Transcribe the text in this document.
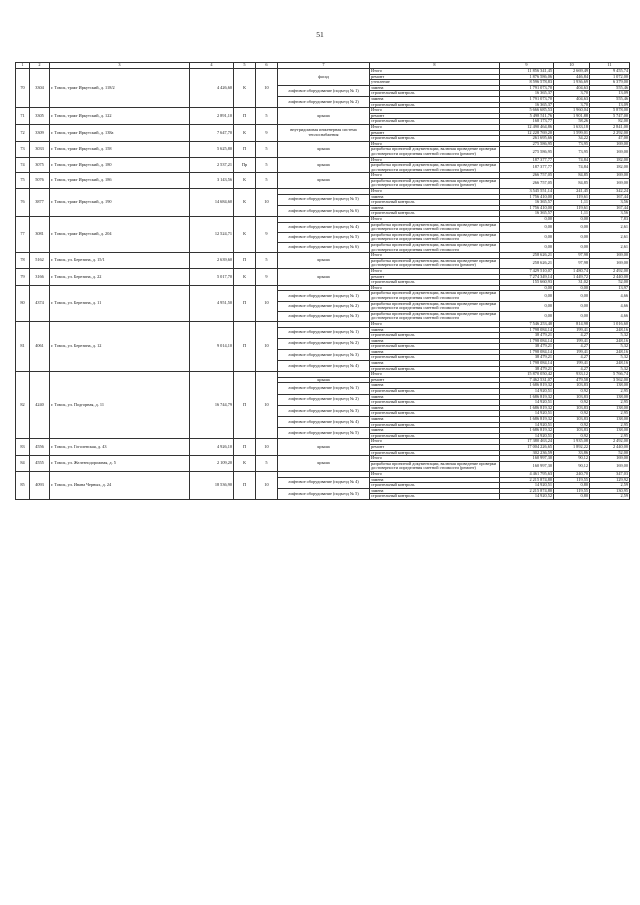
51
1	2	3	4	5	6	7	8	9	10	11
70	3304	г. Томск, тракт Иркутский, д. 118/2	4 426,60	К	10	фасад	Итого	11 856 341,45	2 669,49	9 455,74
							ремонт	1 876 586,06	446,84	1 072,00
							утепление	8 596 578,83	1 936,69	6 379,00
						лифтовое оборудование (подъезд № 1)	замена	1 791 073,70	404,63	555,46
							строительный контроль	16 365,37	3,70	13,09
						лифтовое оборудование (подъезд № 2)	замена	1 791 073,70	404,63	555,46
							строительный контроль	16 365,37	3,70	13,09
71	3305	г. Томск, тракт Иркутский, д. 122	2 891,10	П	5	крыша	Итого	5 666 685,53	1 960,04	5 878,00
							ремонт	5 498 511,76	1 901,88	5 747,00
							строительный контроль	168 173,77	58,26	82,00
72	3309	г. Томск, тракт Иркутский, д. 138а	7 647,70	К	9	внутридомовая инженерная система теплоснабжения	Итого	12 490 464,86	1 633,18	2 841,00
							ремонт	12 228 769,20	1 599,01	2 292,00
							строительный контроль	261 695,66	34,22	47,00
73	3033	г. Томск, тракт Иркутский, д. 158	5 625,80	П	5	крыша	Итого	275 586,95	73,95	169,00
							разработка проектной документации, включая проведение проверки достоверности определения сметной стоимости (ремонт)	275 586,95	73,95	169,00
74	3075	г. Томск, тракт Иркутский, д. 180	2 537,21	Пр	5	крыша	Итого	187 377,77	74,84	182,00
							разработка проектной документации, включая проведение проверки достоверности определения сметной стоимости (ремонт)	187 377,77	74,84	182,00
75	5076	г. Томск, тракт Иркутский, д. 186	3 143,56	К	5	крыша	Итого	266 757,05	84,85	169,00
							разработка проектной документации, включая проведение проверки достоверности определения сметной стоимости (ремонт)	266 757,05	84,85	169,00
76	3877	г. Томск, тракт Иркутский, д. 190	14 684,60	К	10		Итого	3 545 551,14	241,45	342,24
						лифтовое оборудование (подъезд № 5)	замена	1 756 410,00	119,61	167,44
							строительный контроль	16 365,57	1,11	3,56
						лифтовое оборудование (подъезд № 6)	замена	1 756 410,00	119,61	167,44
							строительный контроль	16 365,57	1,11	3,56
77	3081	г. Томск, тракт Иркутский, д. 204	12 524,71	К	9		Итого	0,00	0,00	7,83
						лифтовое оборудование (подъезд № 4)	разработка проектной документации, включая проведение проверки достоверности определения сметной стоимости	0,00	0,00	2,61
						лифтовое оборудование (подъезд № 5)	разработка проектной документации, включая проведение проверки достоверности определения сметной стоимости	0,00	0,00	2,61
						лифтовое оборудование (подъезд № 6)	разработка проектной документации, включая проведение проверки достоверности определения сметной стоимости	0,00	0,00	2,61
78	5162	г. Томск, ул. Березина, д. 15/1	2 639,60	П	5	крыша	Итого	258 626,21	97,98	169,00
							разработка проектной документации, включая проведение проверки достоверности определения сметной стоимости (ремонт)	258 626,21	97,98	169,00
79	3166	г. Томск, ул. Березина, д. 22	5 017,70	К	9	крыша	Итого	7 429 510,07	1 480,74	2 492,00
							ремонт	7 274 349,14	1 449,72	2 440,00
							строительный контроль	155 660,93	31,02	52,00
80	4374	г. Томск, ул. Березина, д. 11	4 951,50	П	10		Итого	0,00	0,00	13,97
						лифтовое оборудование (подъезд № 1)	разработка проектной документации, включая проведение проверки достоверности определения сметной стоимости	0,00	0,00	4,66
						лифтовое оборудование (подъезд № 2)	разработка проектной документации, включая проведение проверки достоверности определения сметной стоимости	0,00	0,00	4,66
						лифтовое оборудование (подъезд № 3)	разработка проектной документации, включая проведение проверки достоверности определения сметной стоимости	0,00	0,00	4,66
81	4061	г. Томск, ул. Березина, д. 12	9 014,10	П	10		Итого	7 546 253,40	814,98	1 016,60
						лифтовое оборудование (подъезд № 1)	замена	1 798 084,14	199,41	248,16
							строительный контроль	38 479,21	4,27	5,32
						лифтовое оборудование (подъезд № 2)	замена	1 798 084,14	199,41	248,16
							строительный контроль	38 479,21	4,27	5,32
						лифтовое оборудование (подъезд № 3)	замена	1 798 084,14	199,41	248,16
							строительный контроль	38 479,21	4,27	5,32
						лифтовое оборудование (подъезд № 4)	замена	1 798 084,14	199,41	248,16
							строительный контроль	38 479,21	4,27	5,32
82	4240	г. Томск, ул. Подгорная, д. 11	16 744,79	П	10		Итого	15 870 050,42	933,12	5 766,74
						крыша	ремонт	7 462 531,07	479,58	3 562,00
						лифтовое оборудование (подъезд № 1)	замена	1 686 819,32	103,83	138,00
							строительный контроль	14 920,51	0,92	2,95
						лифтовое оборудование (подъезд № 2)	замена	1 686 819,32	103,83	138,00
							строительный контроль	14 920,51	0,92	2,95
						лифтовое оборудование (подъезд № 3)	замена	1 686 819,32	103,83	138,00
							строительный контроль	14 920,51	0,92	2,95
						лифтовое оборудование (подъезд № 4)	замена	1 686 819,32	103,83	138,00
							строительный контроль	14 920,51	0,92	2,95
						лифтовое оборудование (подъезд № 5)	замена	1 686 819,32	103,83	138,00
							строительный контроль	14 920,51	0,92	2,95
83	4556	г. Томск, ул. Гоголевская, д. 43	4 926,10	П	10	крыша	Итого	17 380 463,24	1 935,08	2 492,00
							ремонт	17 004 226,65	1 892,22	2 440,00
							строительный контроль	302 236,59	33,86	52,00
84	4555	г. Томск, ул. Железнодорожная, д. 5	2 109,20	К	5	крыша	Итого	160 997,30	90,12	169,00
							разработка проектной документации, включая проведение проверки достоверности определения сметной стоимости (ремонт)	160 997,30	90,12	169,00
85	4093	г. Томск, ул. Ивана Черных, д. 24	18 536,90	П	10		Итого	4 461 795,63	240,70	347,03
						лифтовое оборудование (подъезд № 4)	замена	2 215 874,80	119,55	129,92
							строительный контроль	14 920,51	0,80	2,59
						лифтовое оборудование (подъезд № 5)	замена	2 215 874,80	119,55	130,95
							строительный контроль	14 920,52	0,80	2,59
